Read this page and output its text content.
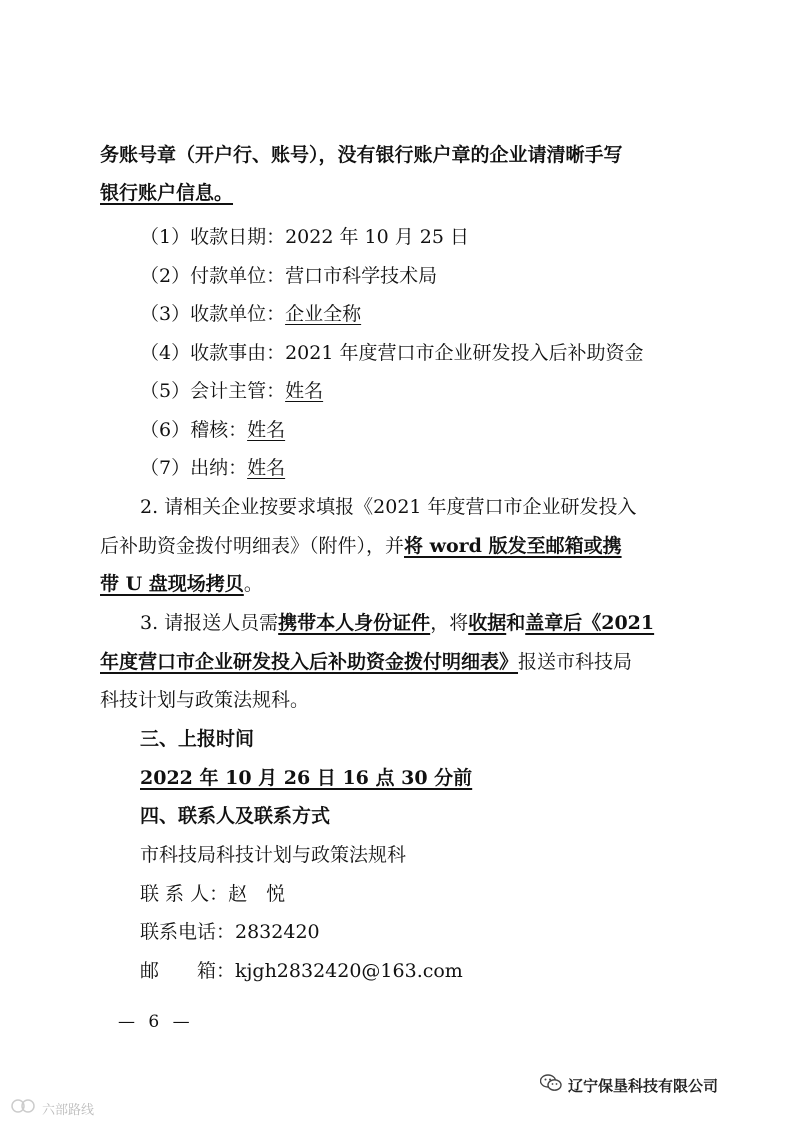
务账号章（开户行、账号），没有银行账户章的企业请清晰手写
银行账户信息。
（1）收款日期：2022 年 10 月 25 日
（2）付款单位：营口市科学技术局
（3）收款单位：企业全称
（4）收款事由：2021 年度营口市企业研发投入后补助资金
（5）会计主管：姓名
（6）稽核：姓名
（7）出纳：姓名
2. 请相关企业按要求填报《2021 年度营口市企业研发投入
后补助资金拨付明细表》（附件），并将 word 版发至邮箱或携
带 U 盘现场拷贝。
3. 请报送人员需携带本人身份证件，将收据和盖章后《2021
年度营口市企业研发投入后补助资金拨付明细表》报送市科技局
科技计划与政策法规科。
三、上报时间
2022 年 10 月 26 日 16 点 30 分前
四、联系人及联系方式
市科技局科技计划与政策法规科
联 系 人：赵　悦
联系电话：2832420
邮　　箱：kjgh2832420@163.com
— 6 —
辽宁保垦科技有限公司
六部路线
